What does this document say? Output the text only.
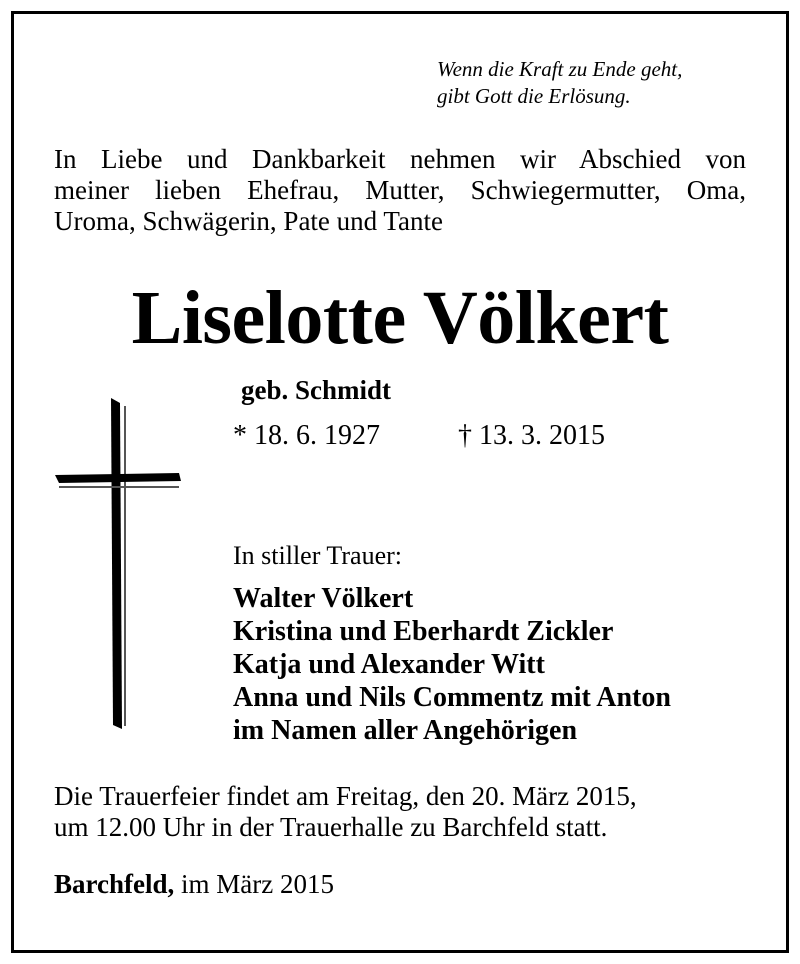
Wenn die Kraft zu Ende geht,
gibt Gott die Erlösung.
In Liebe und Dankbarkeit nehmen wir Abschied von
meiner lieben Ehefrau, Mutter, Schwiegermutter, Oma,
Uroma, Schwägerin, Pate und Tante
Liselotte Völkert
geb. Schmidt
* 18. 6. 1927	† 13. 3. 2015
In stiller Trauer:
Walter Völkert
Kristina und Eberhardt Zickler
Katja und Alexander Witt
Anna und Nils Commentz mit Anton
im Namen aller Angehörigen
Die Trauerfeier findet am Freitag, den 20. März 2015,
um 12.00 Uhr in der Trauerhalle zu Barchfeld statt.
Barchfeld, im März 2015
